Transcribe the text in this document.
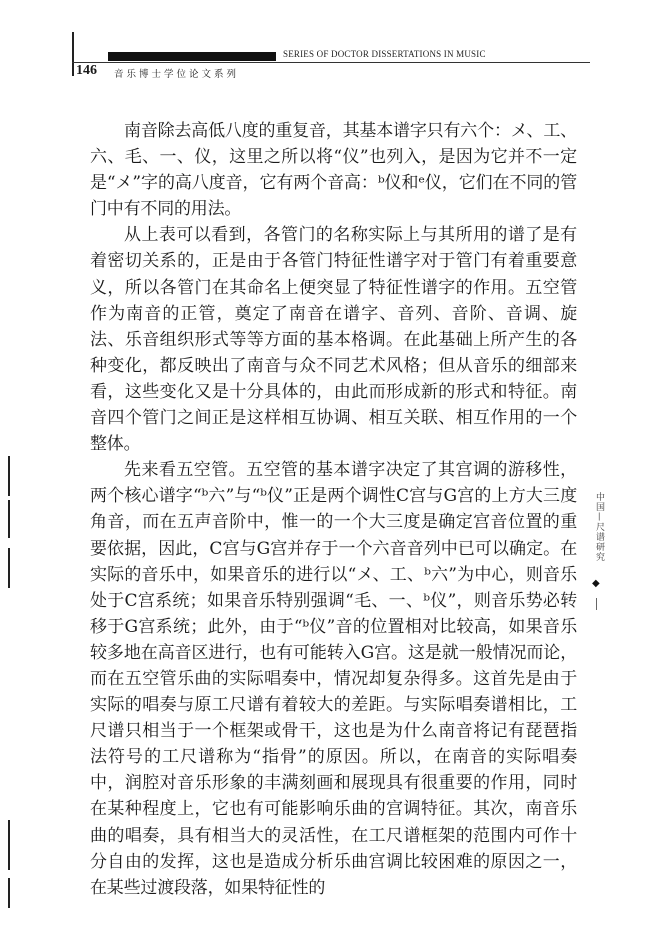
SERIES OF DOCTOR DISSERTATIONS IN MUSIC
146 音乐博士学位论文系列

南音除去高低八度的重复音，其基本谱字只有六个：メ、工、六、毛、一、仪，这里之所以将“仪”也列入，是因为它并不一定是“メ”字的高八度音，它有两个音高：ᵇ仪和ᵉ仪，它们在不同的管门中有不同的用法。

从上表可以看到，各管门的名称实际上与其所用的谱了是有着密切关系的，正是由于各管门特征性谱字对于管门有着重要意义，所以各管门在其命名上便突显了特征性谱字的作用。五空管作为南音的正管，奠定了南音在谱字、音列、音阶、音调、旋法、乐音组织形式等等方面的基本格调。在此基础上所产生的各种变化，都反映出了南音与众不同艺术风格；但从音乐的细部来看，这些变化又是十分具体的，由此而形成新的形式和特征。南音四个管门之间正是这样相互协调、相互关联、相互作用的一个整体。

先来看五空管。五空管的基本谱字决定了其宫调的游移性，两个核心谱字“ᵇ六”与“ᵇ仪”正是两个调性C宫与G宫的上方大三度角音，而在五声音阶中，惟一的一个大三度是确定宫音位置的重要依据，因此，C宫与G宫并存于一个六音音列中已可以确定。在实际的音乐中，如果音乐的进行以“メ、工、ᵇ六”为中心，则音乐处于C宫系统；如果音乐特别强调“毛、一、ᵇ仪”，则音乐势必转移于G宫系统；此外，由于“ᵇ仪”音的位置相对比较高，如果音乐较多地在高音区进行，也有可能转入G宫。这是就一般情况而论，而在五空管乐曲的实际唱奏中，情况却复杂得多。这首先是由于实际的唱奏与原工尺谱有着较大的差距。与实际唱奏谱相比，工尺谱只相当于一个框架或骨干，这也是为什么南音将记有琵琶指法符号的工尺谱称为“指骨”的原因。所以，在南音的实际唱奏中，润腔对音乐形象的丰满刻画和展现具有很重要的作用，同时在某种程度上，它也有可能影响乐曲的宫调特征。其次，南音乐曲的唱奏，具有相当大的灵活性，在工尺谱框架的范围内可作十分自由的发挥，这也是造成分析乐曲宫调比较困难的原因之一，在某些过渡段落，如果特征性的

中国—尺谱研究
◆
